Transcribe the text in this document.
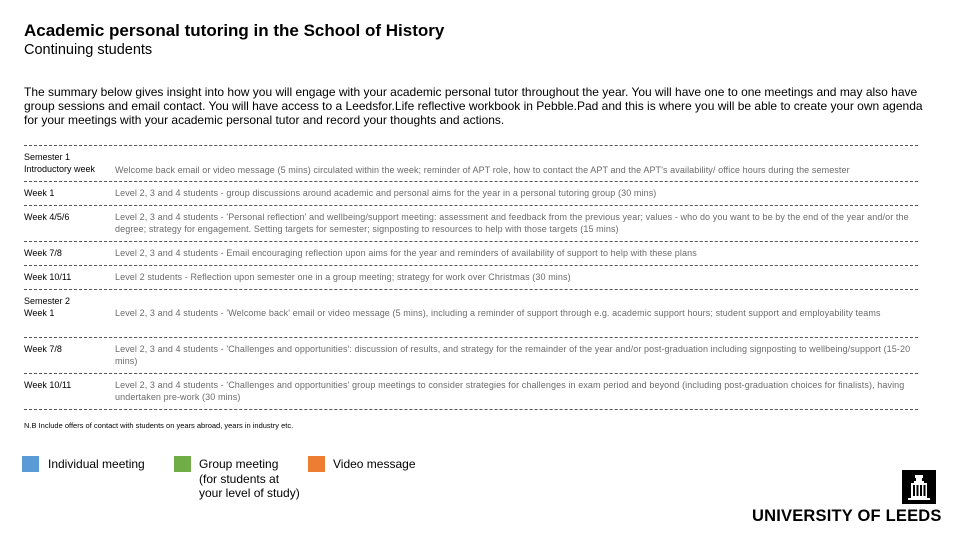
Academic personal tutoring in the School of History
Continuing students
The summary below gives insight into how you will engage with your academic personal tutor throughout the year. You will have one to one meetings and may also have group sessions and email contact. You will have access to a Leedsfor.Life reflective workbook in Pebble.Pad and this is where you will be able to create your own agenda for your meetings with your academic personal tutor and record your thoughts and actions.
Semester 1
Introductory week	Welcome back email or video message (5 mins) circulated within the week; reminder of APT role, how to contact the APT and the APT's availability/ office hours during the semester
Week 1	Level 2, 3 and 4 students - group discussions around academic and personal aims for the year in a personal tutoring group (30 mins)
Week 4/5/6	Level 2, 3 and 4 students - 'Personal reflection' and wellbeing/support meeting: assessment and feedback from the previous year; values - who do you want to be by the end of the year and/or the degree; strategy for engagement. Setting targets for semester; signposting to resources to help with those targets (15 mins)
Week 7/8	Level 2, 3 and 4 students - Email encouraging reflection upon aims for the year and reminders of availability of support to help with these plans
Week 10/11	Level 2 students - Reflection upon semester one in a group meeting; strategy for work over Christmas (30 mins)
Semester 2
Week 1	Level 2, 3 and 4 students - 'Welcome back' email or video message (5 mins), including a reminder of support through e.g. academic support hours; student support and employability teams
Week 7/8	Level 2, 3 and 4 students - 'Challenges and opportunities': discussion of results, and strategy for the remainder of the year and/or post-graduation including signposting to wellbeing/support (15-20 mins)
Week 10/11	Level 2, 3 and 4 students - 'Challenges and opportunities' group meetings to consider strategies for challenges in exam period and beyond (including post-graduation choices for finalists), having undertaken pre-work (30 mins)
N.B Include offers of contact with students on years abroad, years in industry etc.
Individual meeting	Group meeting
(for students at
your level of study)
Video message
UNIVERSITY OF LEEDS
